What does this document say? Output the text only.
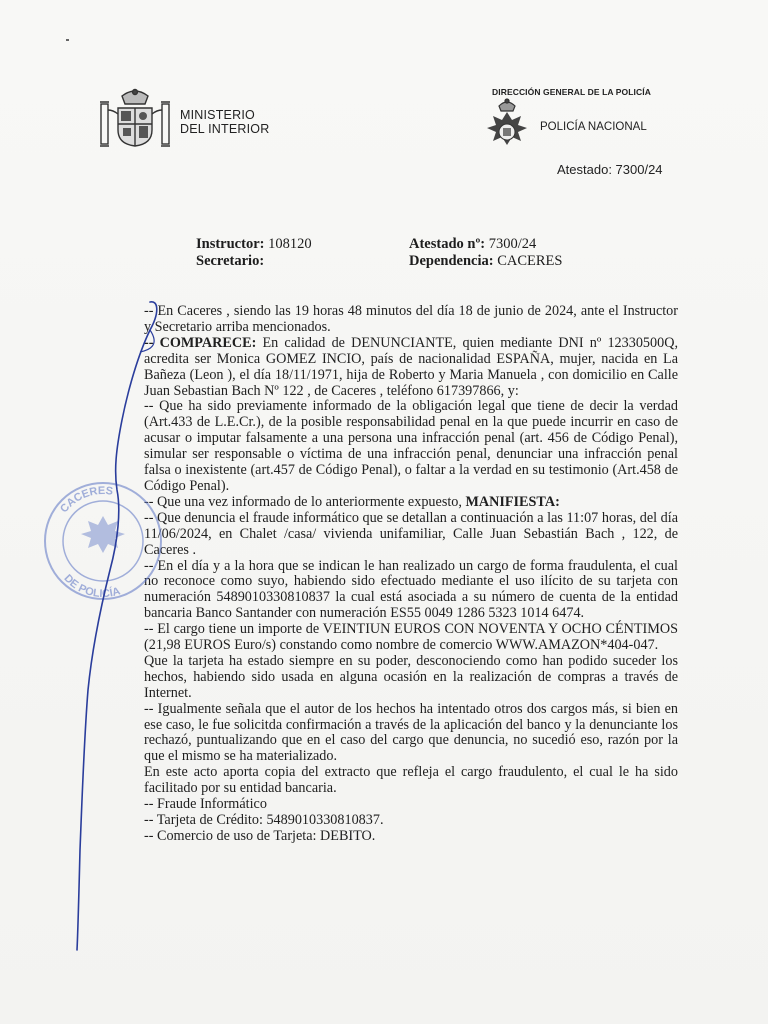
MINISTERIO
DEL INTERIOR
DIRECCIÓN GENERAL DE LA POLICÍA
POLICÍA NACIONAL
Atestado: 7300/24
Instructor: 108120
Secretario:
Atestado nº: 7300/24
Dependencia: CACERES

-- En Caceres , siendo las 19 horas 48 minutos del día 18 de junio de 2024, ante el Instructor y Secretario arriba mencionados.

-- COMPARECE: En calidad de DENUNCIANTE, quien mediante DNI nº 12330500Q, acredita ser Monica GOMEZ INCIO, país de nacionalidad ESPAÑA, mujer, nacida en La Bañeza (Leon ), el día 18/11/1971, hija de Roberto y Maria Manuela , con domicilio en Calle Juan Sebastian Bach Nº 122 , de Caceres , teléfono 617397866, y:

-- Que ha sido previamente informado de la obligación legal que tiene de decir la verdad (Art.433 de L.E.Cr.), de la posible responsabilidad penal en la que puede incurrir en caso de acusar o imputar falsamente a una persona una infracción penal (art. 456 de Código Penal), simular ser responsable o víctima de una infracción penal, denunciar una infracción penal falsa o inexistente (art.457 de Código Penal), o faltar a la verdad en su testimonio (Art.458 de Código Penal).

-- Que una vez informado de lo anteriormente expuesto, MANIFIESTA:

-- Que denuncia el fraude informático que se detallan a continuación a las 11:07 horas, del día 11/06/2024, en Chalet /casa/ vivienda unifamiliar, Calle Juan Sebastián Bach , 122, de Caceres .

-- En el día y a la hora que se indican le han realizado un cargo de forma fraudulenta, el cual no reconoce como suyo, habiendo sido efectuado mediante el uso ilícito de su tarjeta con numeración 5489010330810837 la cual está asociada a su número de cuenta de la entidad bancaria Banco Santander con numeración ES55 0049 1286 5323 1014 6474.

-- El cargo tiene un importe de VEINTIUN EUROS CON NOVENTA Y OCHO CÉNTIMOS (21,98 EUROS Euro/s) constando como nombre de comercio WWW.AMAZON*404-047.

Que la tarjeta ha estado siempre en su poder, desconociendo como han podido suceder los hechos, habiendo sido usada en alguna ocasión en la realización de compras a través de Internet.

-- Igualmente señala que el autor de los hechos ha intentado otros dos cargos más, si bien en ese caso, le fue solicitda confirmación a través de la aplicación del banco y la denunciante los rechazó, puntualizando que en el caso del cargo que denuncia, no sucedió eso, razón por la que el mismo se ha materializado.

En este acto aporta copia del extracto que refleja el cargo fraudulento, el cual le ha sido facilitado por su entidad bancaria.

-- Fraude Informático

-- Tarjeta de Crédito: 5489010330810837.

-- Comercio de uso de Tarjeta: DEBITO.

CACERES
DE POLICÍA
